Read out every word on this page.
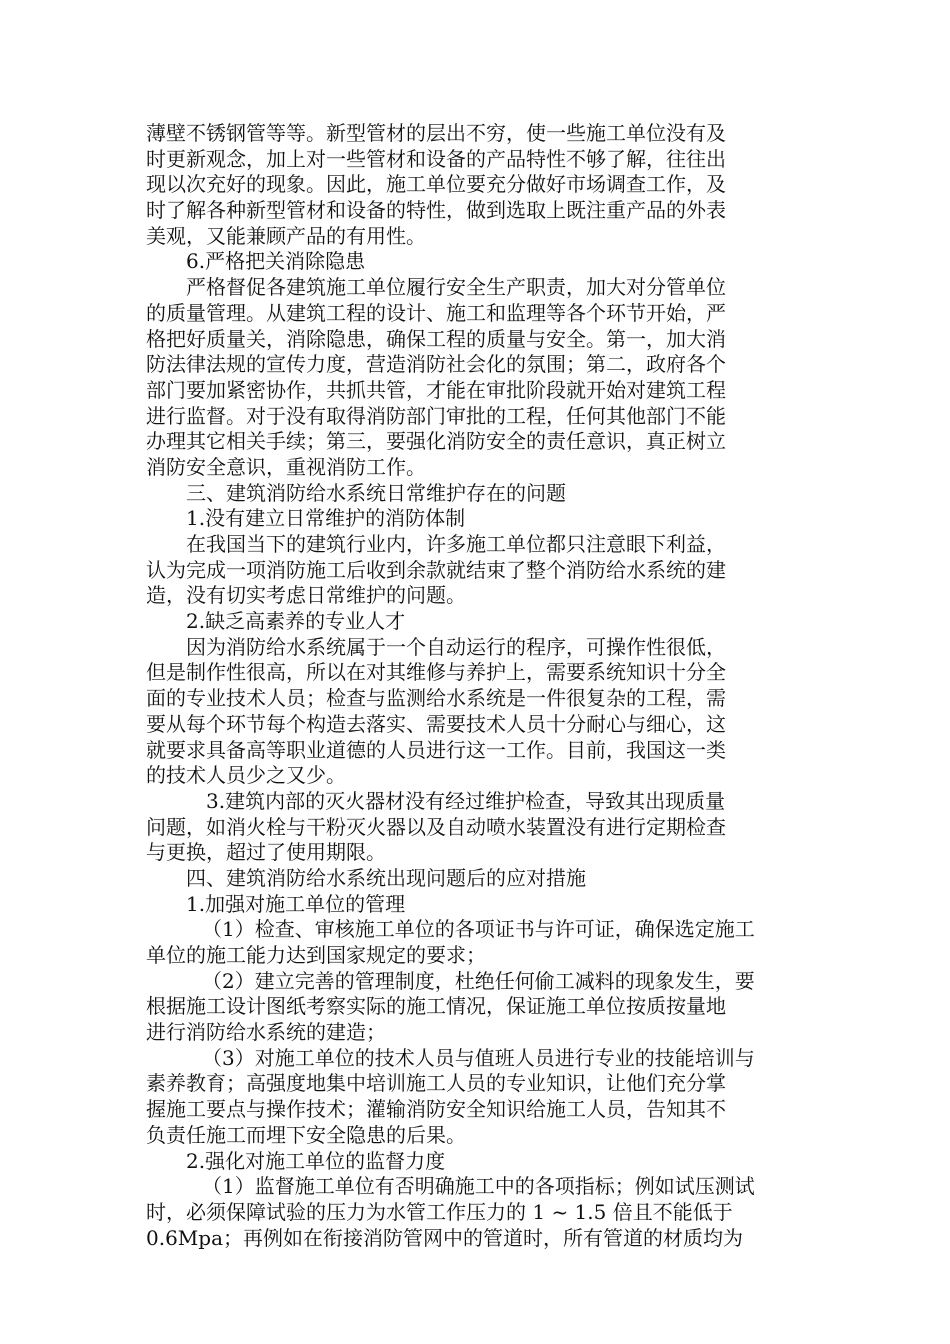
薄壁不锈钢管等等。新型管材的层出不穷，使一些施工单位没有及
时更新观念，加上对一些管材和设备的产品特性不够了解，往往出
现以次充好的现象。因此，施工单位要充分做好市场调查工作，及
时了解各种新型管材和设备的特性，做到选取上既注重产品的外表
美观，又能兼顾产品的有用性。
6.严格把关消除隐患
严格督促各建筑施工单位履行安全生产职责，加大对分管单位
的质量管理。从建筑工程的设计、施工和监理等各个环节开始，严
格把好质量关，消除隐患，确保工程的质量与安全。第一，加大消
防法律法规的宣传力度，营造消防社会化的氛围；第二，政府各个
部门要加紧密协作，共抓共管，才能在审批阶段就开始对建筑工程
进行监督。对于没有取得消防部门审批的工程，任何其他部门不能
办理其它相关手续；第三，要强化消防安全的责任意识，真正树立
消防安全意识，重视消防工作。
三、建筑消防给水系统日常维护存在的问题
1.没有建立日常维护的消防体制
在我国当下的建筑行业内，许多施工单位都只注意眼下利益，
认为完成一项消防施工后收到余款就结束了整个消防给水系统的建
造，没有切实考虑日常维护的问题。
2.缺乏高素养的专业人才
因为消防给水系统属于一个自动运行的程序，可操作性很低，
但是制作性很高，所以在对其维修与养护上，需要系统知识十分全
面的专业技术人员；检查与监测给水系统是一件很复杂的工程，需
要从每个环节每个构造去落实、需要技术人员十分耐心与细心，这
就要求具备高等职业道德的人员进行这一工作。目前，我国这一类
的技术人员少之又少。
3.建筑内部的灭火器材没有经过维护检查，导致其出现质量
问题，如消火栓与干粉灭火器以及自动喷水装置没有进行定期检查
与更换，超过了使用期限。
四、建筑消防给水系统出现问题后的应对措施
1.加强对施工单位的管理
（1）检查、审核施工单位的各项证书与许可证，确保选定施工
单位的施工能力达到国家规定的要求；
（2）建立完善的管理制度，杜绝任何偷工减料的现象发生，要
根据施工设计图纸考察实际的施工情况，保证施工单位按质按量地
进行消防给水系统的建造；
（3）对施工单位的技术人员与值班人员进行专业的技能培训与
素养教育；高强度地集中培训施工人员的专业知识，让他们充分掌
握施工要点与操作技术；灌输消防安全知识给施工人员，告知其不
负责任施工而埋下安全隐患的后果。
2.强化对施工单位的监督力度
（1）监督施工单位有否明确施工中的各项指标；例如试压测试
时，必须保障试验的压力为水管工作压力的 1 ~ 1.5 倍且不能低于
0.6Mpa；再例如在衔接消防管网中的管道时，所有管道的材质均为
